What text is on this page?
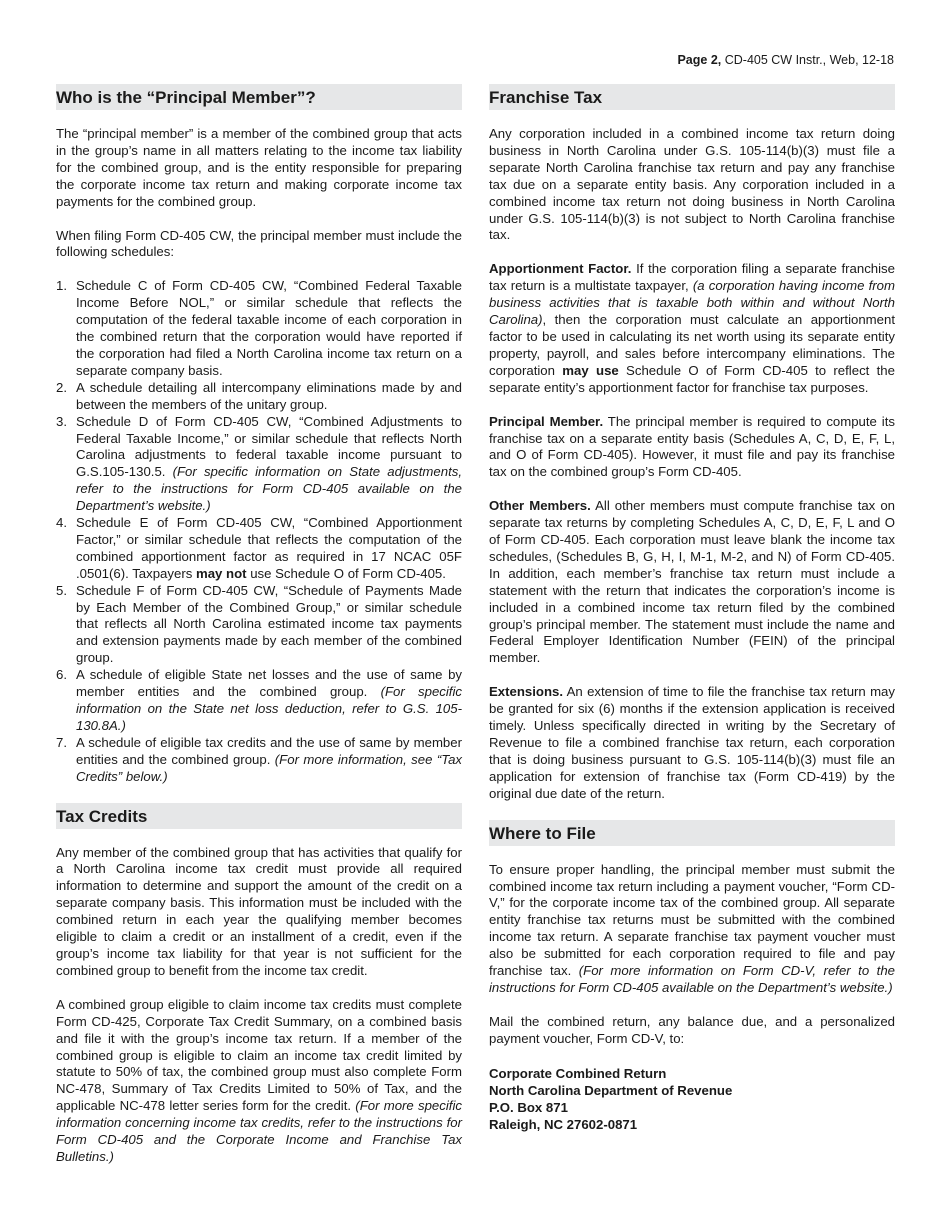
Page 2, CD-405 CW Instr., Web, 12-18
Who is the “Principal Member”?

The “principal member” is a member of the combined group that acts in the group’s name in all matters relating to the income tax liability for the combined group, and is the entity responsible for preparing the corporate income tax return and making corporate income tax payments for the combined group.

When filing Form CD-405 CW, the principal member must include the following schedules:

1. Schedule C of Form CD-405 CW, “Combined Federal Taxable Income Before NOL,” or similar schedule that reflects the computation of the federal taxable income of each corporation in the combined return that the corporation would have reported if the corporation had filed a North Carolina income tax return on a separate company basis.
2. A schedule detailing all intercompany eliminations made by and between the members of the unitary group.
3. Schedule D of Form CD-405 CW, “Combined Adjustments to Federal Taxable Income,” or similar schedule that reflects North Carolina adjustments to federal taxable income pursuant to G.S.105-130.5. (For specific information on State adjustments, refer to the instructions for Form CD-405 available on the Department’s website.)
4. Schedule E of Form CD-405 CW, “Combined Apportionment Factor,” or similar schedule that reflects the computation of the combined apportionment factor as required in 17 NCAC 05F .0501(6). Taxpayers may not use Schedule O of Form CD-405.
5. Schedule F of Form CD-405 CW, “Schedule of Payments Made by Each Member of the Combined Group,” or similar schedule that reflects all North Carolina estimated income tax payments and extension payments made by each member of the combined group.
6. A schedule of eligible State net losses and the use of same by member entities and the combined group. (For specific information on the State net loss deduction, refer to G.S. 105-130.8A.)
7. A schedule of eligible tax credits and the use of same by member entities and the combined group. (For more information, see “Tax Credits” below.)
Tax Credits

Any member of the combined group that has activities that qualify for a North Carolina income tax credit must provide all required information to determine and support the amount of the credit on a separate company basis. This information must be included with the combined return in each year the qualifying member becomes eligible to claim a credit or an installment of a credit, even if the group’s income tax liability for that year is not sufficient for the combined group to benefit from the income tax credit.

A combined group eligible to claim income tax credits must complete Form CD-425, Corporate Tax Credit Summary, on a combined basis and file it with the group’s income tax return. If a member of the combined group is eligible to claim an income tax credit limited by statute to 50% of tax, the combined group must also complete Form NC-478, Summary of Tax Credits Limited to 50% of Tax, and the applicable NC-478 letter series form for the credit. (For more specific information concerning income tax credits, refer to the instructions for Form CD-405 and the Corporate Income and Franchise Tax Bulletins.)

Franchise Tax

Any corporation included in a combined income tax return doing business in North Carolina under G.S. 105-114(b)(3) must file a separate North Carolina franchise tax return and pay any franchise tax due on a separate entity basis. Any corporation included in a combined income tax return not doing business in North Carolina under G.S. 105-114(b)(3) is not subject to North Carolina franchise tax.

Apportionment Factor. If the corporation filing a separate franchise tax return is a multistate taxpayer, (a corporation having income from business activities that is taxable both within and without North Carolina), then the corporation must calculate an apportionment factor to be used in calculating its net worth using its separate entity property, payroll, and sales before intercompany eliminations. The corporation may use Schedule O of Form CD-405 to reflect the separate entity’s apportionment factor for franchise tax purposes.

Principal Member. The principal member is required to compute its franchise tax on a separate entity basis (Schedules A, C, D, E, F, L, and O of Form CD-405). However, it must file and pay its franchise tax on the combined group’s Form CD-405.

Other Members. All other members must compute franchise tax on separate tax returns by completing Schedules A, C, D, E, F, L and O of Form CD-405. Each corporation must leave blank the income tax schedules, (Schedules B, G, H, I, M-1, M-2, and N) of Form CD-405. In addition, each member’s franchise tax return must include a statement with the return that indicates the corporation’s income is included in a combined income tax return filed by the combined group’s principal member. The statement must include the name and Federal Employer Identification Number (FEIN) of the principal member.

Extensions. An extension of time to file the franchise tax return may be granted for six (6) months if the extension application is received timely. Unless specifically directed in writing by the Secretary of Revenue to file a combined franchise tax return, each corporation that is doing business pursuant to G.S. 105-114(b)(3) must file an application for extension of franchise tax (Form CD-419) by the original due date of the return.

Where to File

To ensure proper handling, the principal member must submit the combined income tax return including a payment voucher, “Form CD-V,” for the corporate income tax of the combined group. All separate entity franchise tax returns must be submitted with the combined income tax return. A separate franchise tax payment voucher must also be submitted for each corporation required to file and pay franchise tax. (For more information on Form CD-V, refer to the instructions for Form CD-405 available on the Department’s website.)

Mail the combined return, any balance due, and a personalized payment voucher, Form CD-V, to:

Corporate Combined Return
North Carolina Department of Revenue
P.O. Box 871
Raleigh, NC 27602-0871
